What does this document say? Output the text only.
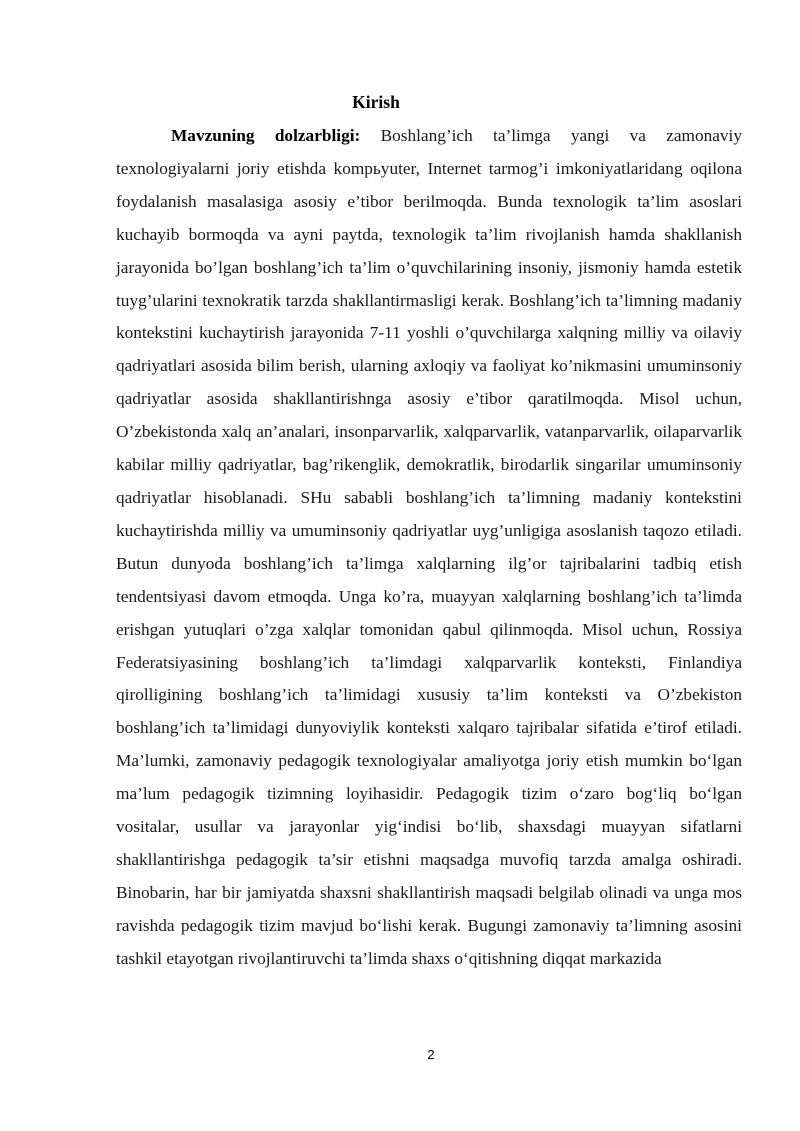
Kirish

Mavzuning dolzarbligi: Boshlang’ich ta’limga yangi va zamonaviy texnologiyalarni joriy etishda kompьyuter, Internet tarmog’i imkoniyatlaridang oqilona foydalanish masalasiga asosiy e’tibor berilmoqda. Bunda texnologik ta’lim asoslari kuchayib bormoqda va ayni paytda, texnologik ta’lim rivojlanish hamda shakllanish jarayonida bo’lgan boshlang’ich ta’lim o’quvchilarining insoniy, jismoniy hamda estetik tuyg’ularini texnokratik tarzda shakllantirmasligi kerak. Boshlang’ich ta’limning madaniy kontekstini kuchaytirish jarayonida 7-11 yoshli o’quvchilarga xalqning milliy va oilaviy qadriyatlari asosida bilim berish, ularning axloqiy va faoliyat ko’nikmasini umuminsoniy qadriyatlar asosida shakllantirishnga asosiy e’tibor qaratilmoqda. Misol uchun, O’zbekistonda xalq an’analari, insonparvarlik, xalqparvarlik, vatanparvarlik, oilaparvarlik kabilar milliy qadriyatlar, bag’rikenglik, demokratlik, birodarlik singarilar umuminsoniy qadriyatlar hisoblanadi. SHu sababli boshlang’ich ta’limning madaniy kontekstini kuchaytirishda milliy va umuminsoniy qadriyatlar uyg’unligiga asoslanish taqozo etiladi. Butun dunyoda boshlang’ich ta’limga xalqlarning ilg’or tajribalarini tadbiq etish tendentsiyasi davom etmoqda. Unga ko’ra, muayyan xalqlarning boshlang’ich ta’limda erishgan yutuqlari o’zga xalqlar tomonidan qabul qilinmoqda. Misol uchun, Rossiya Federatsiyasining boshlang’ich ta’limdagi xalqparvarlik konteksti, Finlandiya qirolligining boshlang’ich ta’limidagi xususiy ta’lim konteksti va O’zbekiston boshlang’ich ta’limidagi dunyoviylik konteksti xalqaro tajribalar sifatida e’tirof etiladi. Ma’lumki, zamonaviy pedagogik texnologiyalar amaliyotga joriy etish mumkin bo‘lgan ma’lum pedagogik tizimning loyihasidir. Pedagogik tizim o‘zaro bog‘liq bo‘lgan vositalar, usullar va jarayonlar yig‘indisi bo‘lib, shaxsdagi muayyan sifatlarni shakllantirishga pedagogik ta’sir etishni maqsadga muvofiq tarzda amalga oshiradi. Binobarin, har bir jamiyatda shaxsni shakllantirish maqsadi belgilab olinadi va unga mos ravishda pedagogik tizim mavjud bo‘lishi kerak. Bugungi zamonaviy ta’limning asosini tashkil etayotgan rivojlantiruvchi ta’limda shaxs o‘qitishning diqqat markazida

2
